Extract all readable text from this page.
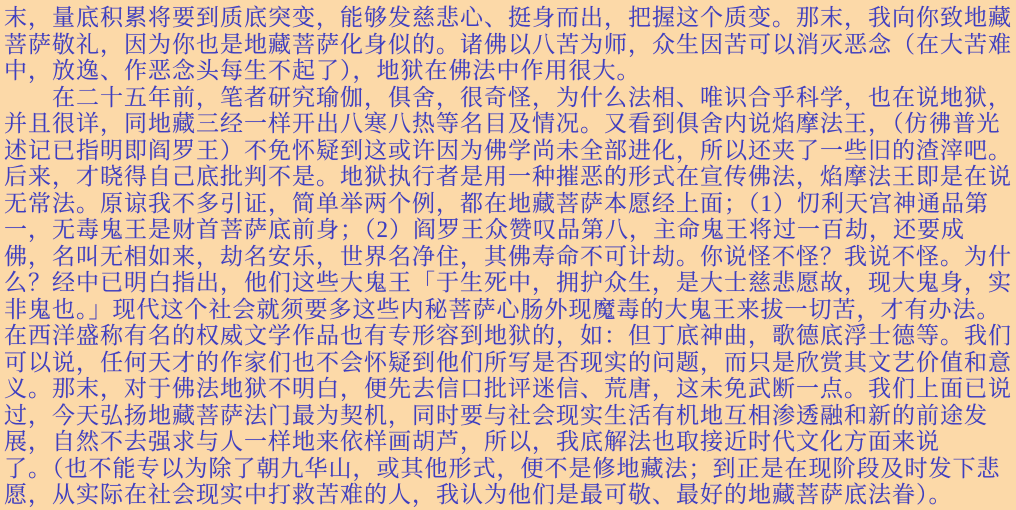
末，量底积累将要到质底突变，能够发慈悲心、挺身而出，把握这个质变。那末，我向你致地藏
菩萨敬礼，因为你也是地藏菩萨化身似的。诸佛以八苦为师，众生因苦可以消灭恶念（在大苦难
中，放逸、作恶念头每生不起了），地狱在佛法中作用很大。
　　在二十五年前，笔者研究瑜伽，俱舍，很奇怪，为什么法相、唯识合乎科学，也在说地狱，
并且很详，同地藏三经一样开出八寒八热等名目及情况。又看到俱舍内说焰摩法王，（仿彿普光
述记已指明即阎罗王）不免怀疑到这或许因为佛学尚未全部进化，所以还夹了一些旧的渣滓吧。
后来，才晓得自己底批判不是。地狱执行者是用一种摧恶的形式在宣传佛法，焰摩法王即是在说
无常法。原谅我不多引证，简单举两个例，都在地藏菩萨本愿经上面；（1）忉利天宫神通品第
一，无毒鬼王是财首菩萨底前身；（2）阎罗王众赞叹品第八，主命鬼王将过一百劫，还要成
佛，名叫无相如来，劫名安乐，世界名净住，其佛寿命不可计劫。你说怪不怪？我说不怪。为什
么？经中已明白指出，他们这些大鬼王「于生死中，拥护众生，是大士慈悲愿故，现大鬼身，实
非鬼也。」现代这个社会就须要多这些内秘菩萨心肠外现魔毒的大鬼王来拔一切苦，才有办法。
在西洋盛称有名的权威文学作品也有专形容到地狱的，如：但丁底神曲，歌德底浮士德等。我们
可以说，任何天才的作家们也不会怀疑到他们所写是否现实的问题，而只是欣赏其文艺价值和意
义。那末，对于佛法地狱不明白，便先去信口批评迷信、荒唐，这未免武断一点。我们上面已说
过，今天弘扬地藏菩萨法门最为契机，同时要与社会现实生活有机地互相渗透融和新的前途发
展，自然不去强求与人一样地来依样画胡芦，所以，我底解法也取接近时代文化方面来说
了。（也不能专以为除了朝九华山，或其他形式，便不是修地藏法；到正是在现阶段及时发下悲
愿，从实际在社会现实中打救苦难的人，我认为他们是最可敬、最好的地藏菩萨底法眷）。
